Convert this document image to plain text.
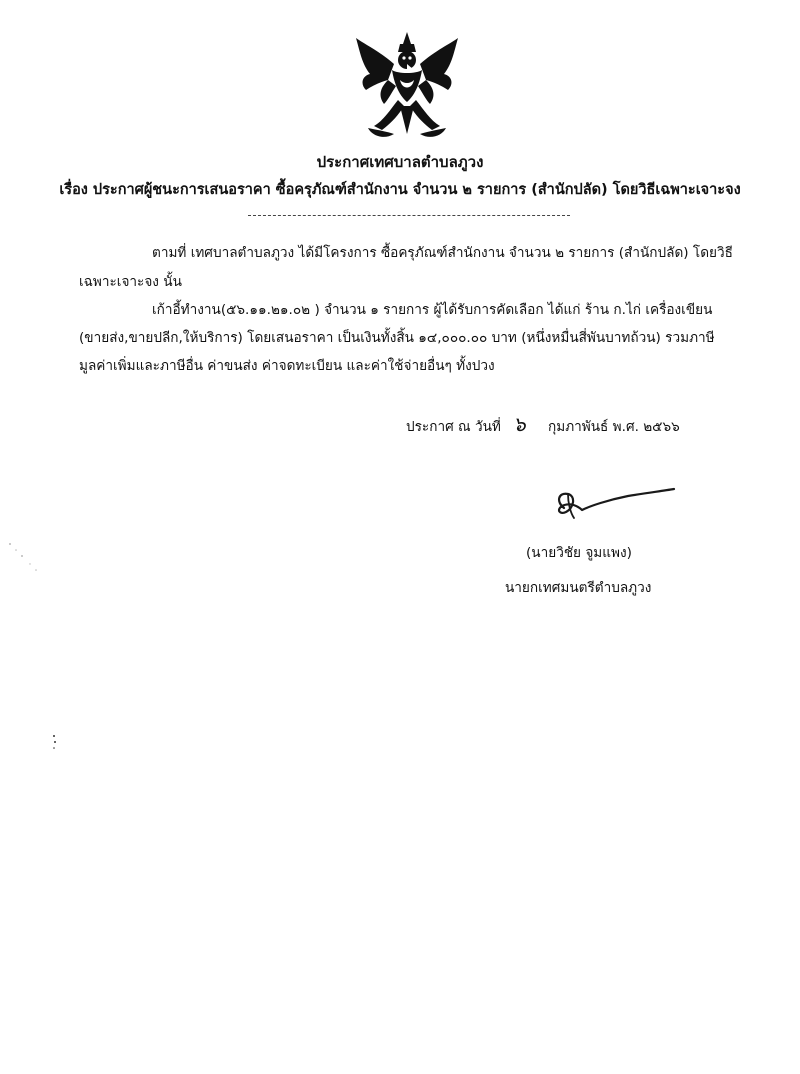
ประกาศเทศบาลตำบลภูวง
เรื่อง ประกาศผู้ชนะการเสนอราคา ซื้อครุภัณฑ์สำนักงาน จำนวน ๒ รายการ (สำนักปลัด) โดยวิธีเฉพาะเจาะจง
ตามที่ เทศบาลตำบลภูวง ได้มีโครงการ ซื้อครุภัณฑ์สำนักงาน จำนวน ๒ รายการ (สำนักปลัด) โดยวิธี
เฉพาะเจาะจง นั้น
เก้าอี้ทำงาน(๕๖.๑๑.๒๑.๐๒ ) จำนวน ๑ รายการ ผู้ได้รับการคัดเลือก ได้แก่ ร้าน ก.ไก่ เครื่องเขียน
(ขายส่ง,ขายปลีก,ให้บริการ) โดยเสนอราคา เป็นเงินทั้งสิ้น ๑๔,๐๐๐.๐๐ บาท (หนึ่งหมื่นสี่พันบาทถ้วน) รวมภาษี
มูลค่าเพิ่มและภาษีอื่น ค่าขนส่ง ค่าจดทะเบียน และค่าใช้จ่ายอื่นๆ ทั้งปวง
ประกาศ ณ วันที่ ๖ กุมภาพันธ์ พ.ศ. ๒๕๖๖
(นายวิชัย จูมแพง)
นายกเทศมนตรีตำบลภูวง
